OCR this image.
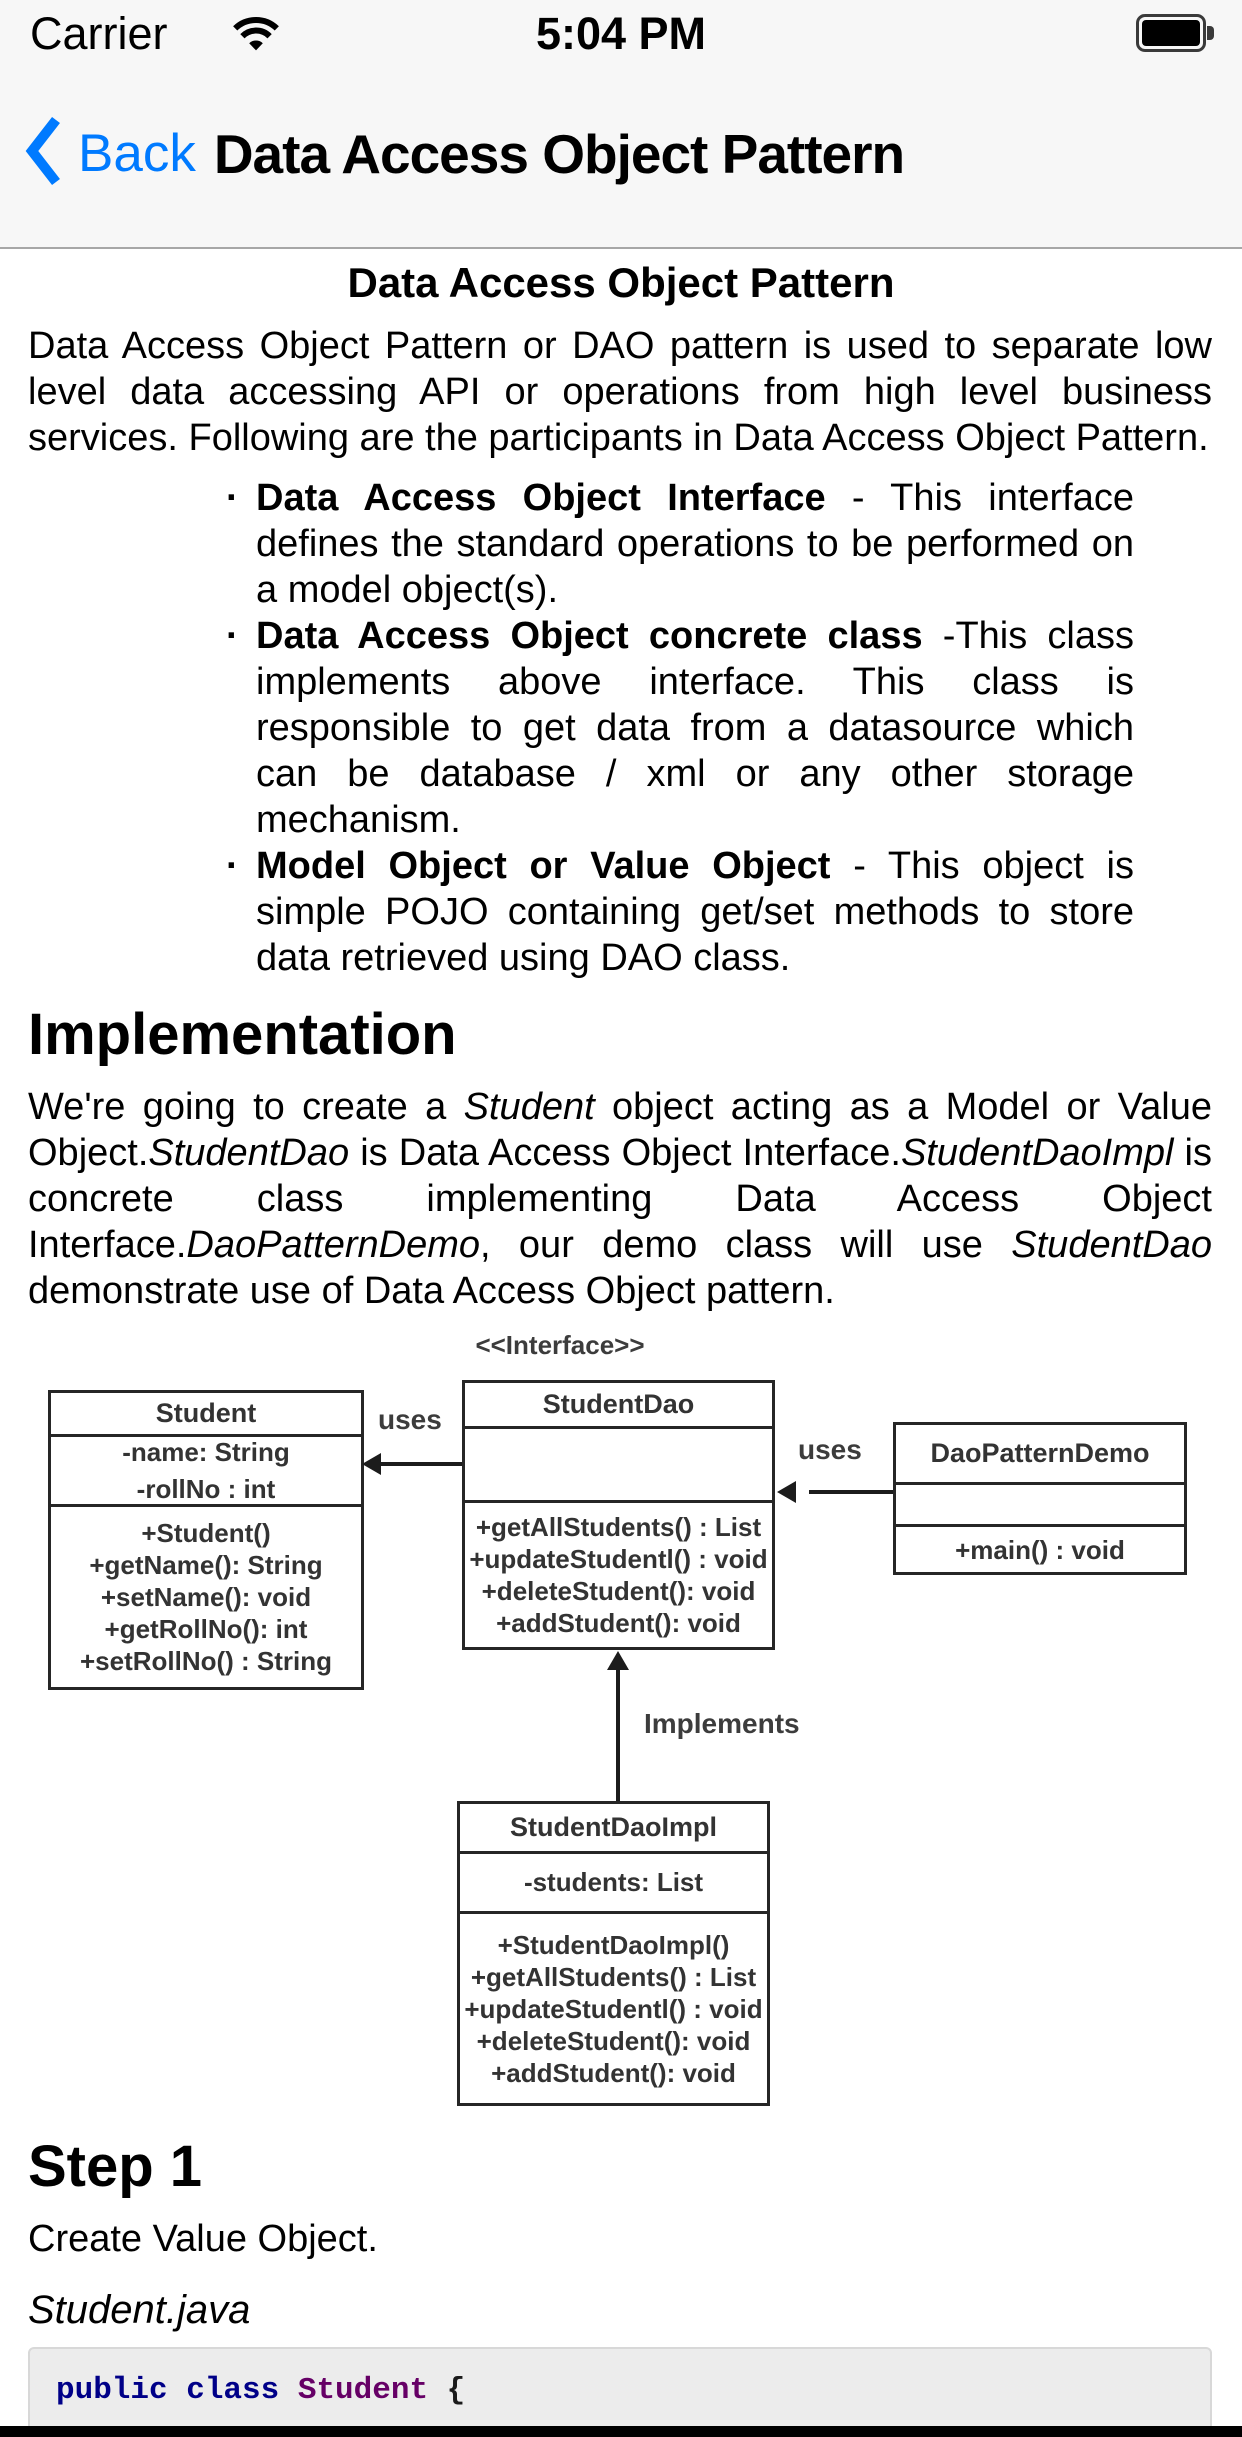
Carrier	5:04 PM
Back Data Access Object Pattern
Data Access Object Pattern

Data Access Object Pattern or DAO pattern is used to separate low level data accessing API or operations from high level business services. Following are the participants in Data Access Object Pattern.

· Data Access Object Interface - This interface defines the standard operations to be performed on a model object(s).
· Data Access Object concrete class -This class implements above interface. This class is responsible to get data from a datasource which can be database / xml or any other storage mechanism.
· Model Object or Value Object - This object is simple POJO containing get/set methods to store data retrieved using DAO class.
Implementation

We're going to create a Student object acting as a Model or Value Object.StudentDao is Data Access Object Interface.StudentDaoImpl is concrete class implementing Data Access Object Interface.DaoPatternDemo, our demo class will use StudentDao demonstrate use of Data Access Object pattern.

<<Interface>>
Student
-name: String
-rollNo : int
+Student()
+getName(): String
+setName(): void
+getRollNo(): int
+setRollNo() : String
StudentDao
+getAllStudents() : List
+updateStudentl() : void
+deleteStudent(): void
+addStudent(): void
DaoPatternDemo
+main() : void
StudentDaoImpl
-students: List
+StudentDaoImpl()
+getAllStudents() : List
+updateStudentl() : void
+deleteStudent(): void
+addStudent(): void
uses
uses
Implements
Step 1

Create Value Object.

Student.java
public class Student {
